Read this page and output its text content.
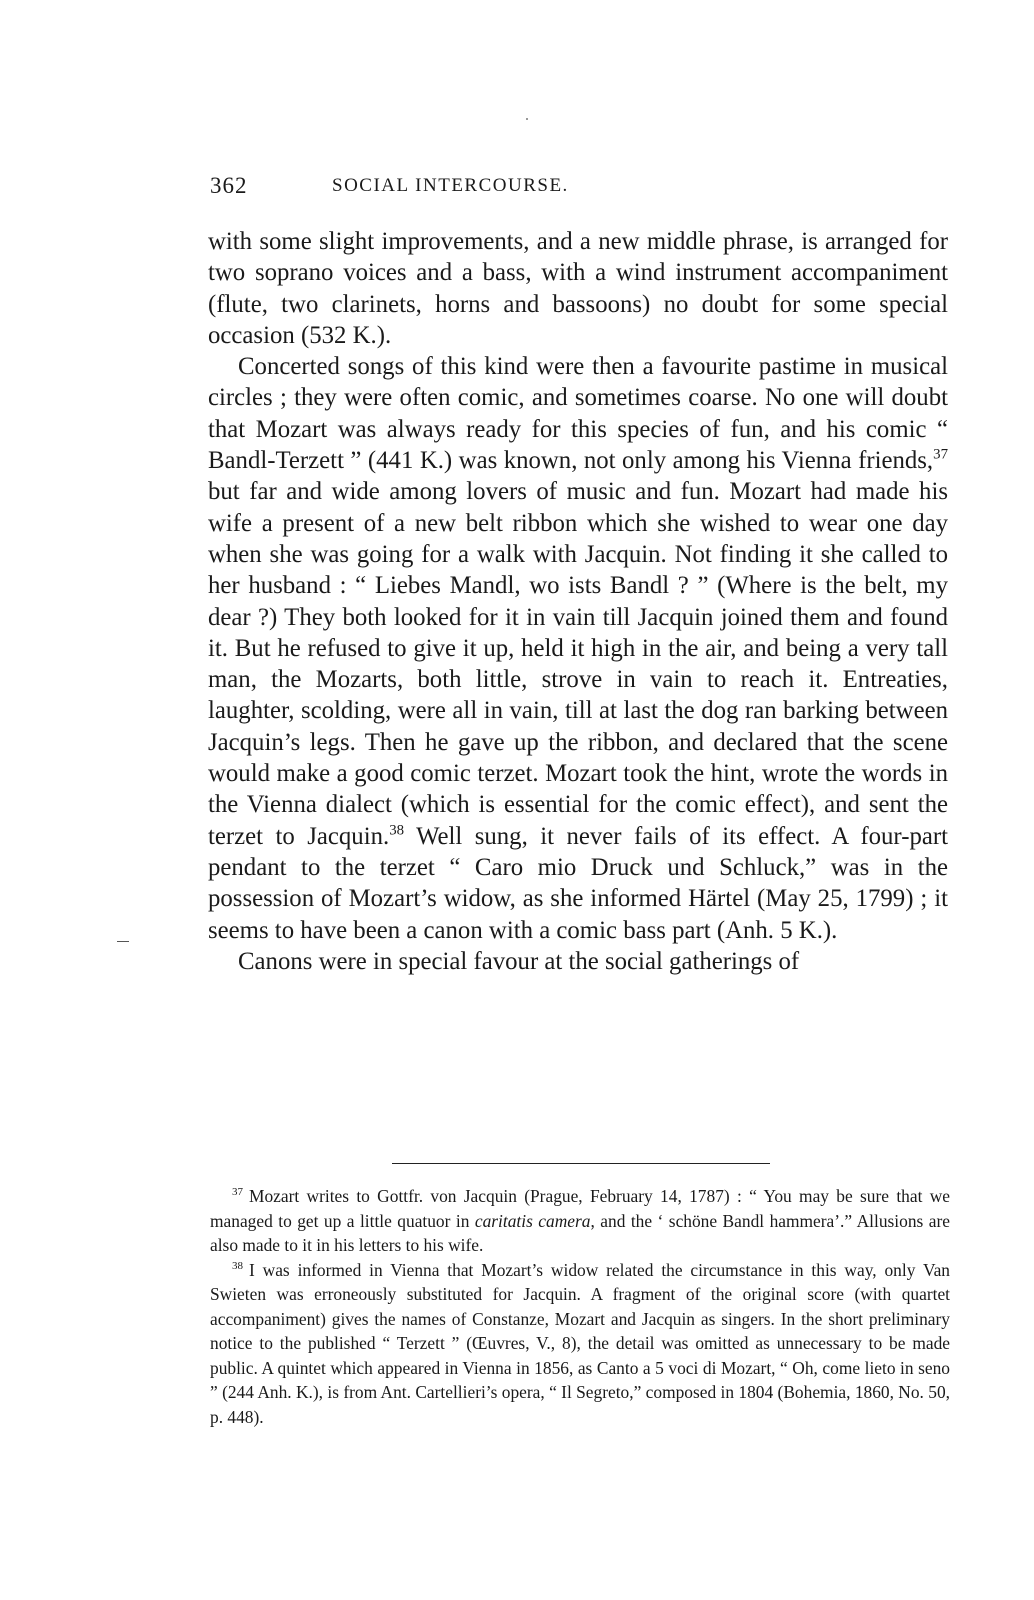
362	SOCIAL INTERCOURSE.

with some slight improvements, and a new middle phrase, is arranged for two soprano voices and a bass, with a wind instrument accompaniment (flute, two clarinets, horns and bassoons) no doubt for some special occasion (532 K.).

Concerted songs of this kind were then a favourite pastime in musical circles ; they were often comic, and sometimes coarse. No one will doubt that Mozart was always ready for this species of fun, and his comic “ Bandl-Terzett ” (441 K.) was known, not only among his Vienna friends,$^{37}$ but far and wide among lovers of music and fun. Mozart had made his wife a present of a new belt ribbon which she wished to wear one day when she was going for a walk with Jacquin. Not finding it she called to her husband : “ Liebes Mandl, wo ists Bandl ? ” (Where is the belt, my dear ?) They both looked for it in vain till Jacquin joined them and found it. But he refused to give it up, held it high in the air, and being a very tall man, the Mozarts, both little, strove in vain to reach it. Entreaties, laughter, scolding, were all in vain, till at last the dog ran barking between Jacquin’s legs. Then he gave up the ribbon, and declared that the scene would make a good comic terzet. Mozart took the hint, wrote the words in the Vienna dialect (which is essential for the comic effect), and sent the terzet to Jacquin.$^{38}$ Well sung, it never fails of its effect. A four-part pendant to the terzet “ Caro mio Druck und Schluck,” was in the possession of Mozart’s widow, as she informed Härtel (May 25, 1799) ; it seems to have been a canon with a comic bass part (Anh. 5 K.).

Canons were in special favour at the social gatherings of

$^{37}$ Mozart writes to Gottfr. von Jacquin (Prague, February 14, 1787) : “ You may be sure that we managed to get up a little quatuor in caritatis camera, and the ‘ schöne Bandl hammera’.” Allusions are also made to it in his letters to his wife.

$^{38}$ I was informed in Vienna that Mozart’s widow related the circumstance in this way, only Van Swieten was erroneously substituted for Jacquin. A fragment of the original score (with quartet accompaniment) gives the names of Constanze, Mozart and Jacquin as singers. In the short preliminary notice to the published “ Terzett ” (Œuvres, V., 8), the detail was omitted as unnecessary to be made public. A quintet which appeared in Vienna in 1856, as Canto a 5 voci di Mozart, “ Oh, come lieto in seno ” (244 Anh. K.), is from Ant. Cartellieri’s opera, “ Il Segreto,” composed in 1804 (Bohemia, 1860, No. 50, p. 448).
